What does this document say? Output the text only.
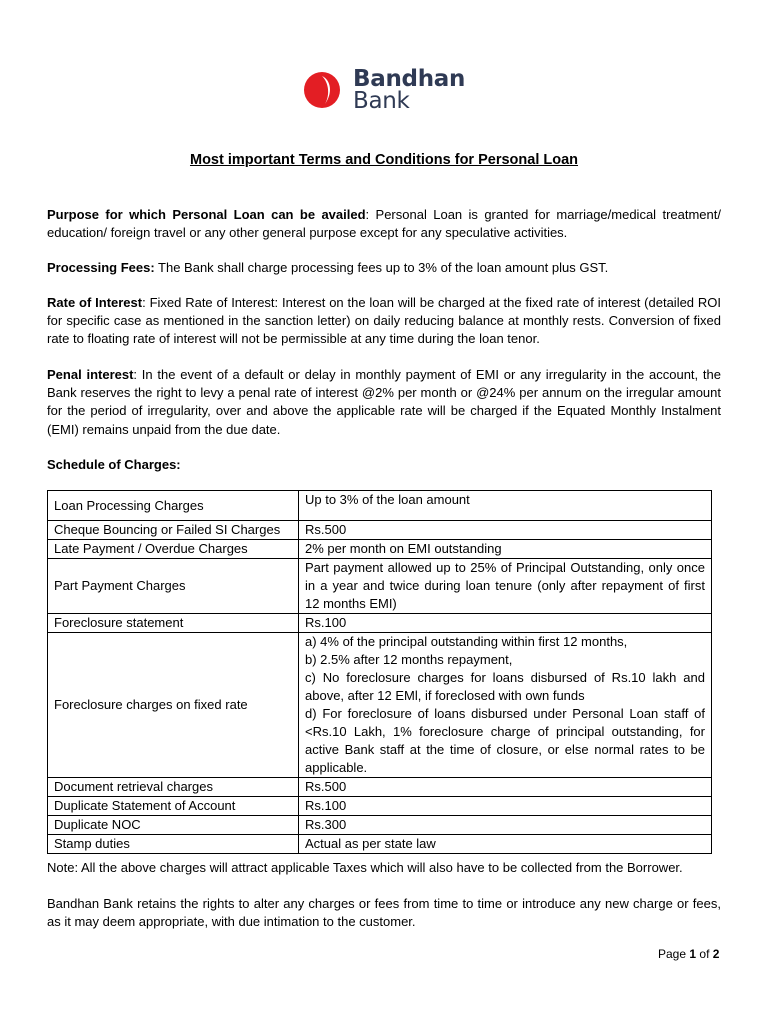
Bandhan
Bank
Most important Terms and Conditions for Personal Loan
Purpose for which Personal Loan can be availed: Personal Loan is granted for marriage/medical treatment/ education/ foreign travel or any other general purpose except for any speculative activities.
Processing Fees: The Bank shall charge processing fees up to 3% of the loan amount plus GST.
Rate of Interest: Fixed Rate of Interest: Interest on the loan will be charged at the fixed rate of interest (detailed ROI for specific case as mentioned in the sanction letter) on daily reducing balance at monthly rests. Conversion of fixed rate to floating rate of interest will not be permissible at any time during the loan tenor.
Penal interest: In the event of a default or delay in monthly payment of EMI or any irregularity in the account, the Bank reserves the right to levy a penal rate of interest @2% per month or @24% per annum on the irregular amount for the period of irregularity, over and above the applicable rate will be charged if the Equated Monthly Instalment (EMI) remains unpaid from the due date.
Schedule of Charges:
Loan Processing Charges	Up to 3% of the loan amount
Cheque Bouncing or Failed SI Charges	Rs.500
Late Payment / Overdue Charges	2% per month on EMI outstanding
Part Payment Charges	Part payment allowed up to 25% of Principal Outstanding, only once in a year and twice during loan tenure (only after repayment of first 12 months EMI)
Foreclosure statement	Rs.100
Foreclosure charges on fixed rate	a) 4% of the principal outstanding within first 12 months,
b) 2.5% after 12 months repayment,
c) No foreclosure charges for loans disbursed of Rs.10 lakh and above, after 12 EMl, if foreclosed with own funds
d) For foreclosure of loans disbursed under Personal Loan staff of <Rs.10 Lakh, 1% foreclosure charge of principal outstanding, for active Bank staff at the time of closure, or else normal rates to be applicable.

Document retrieval charges	Rs.500
Duplicate Statement of Account	Rs.100
Duplicate NOC	Rs.300
Stamp duties	Actual as per state law
Note: All the above charges will attract applicable Taxes which will also have to be collected from the Borrower.
Bandhan Bank retains the rights to alter any charges or fees from time to time or introduce any new charge or fees, as it may deem appropriate, with due intimation to the customer.
Page 1 of 2
